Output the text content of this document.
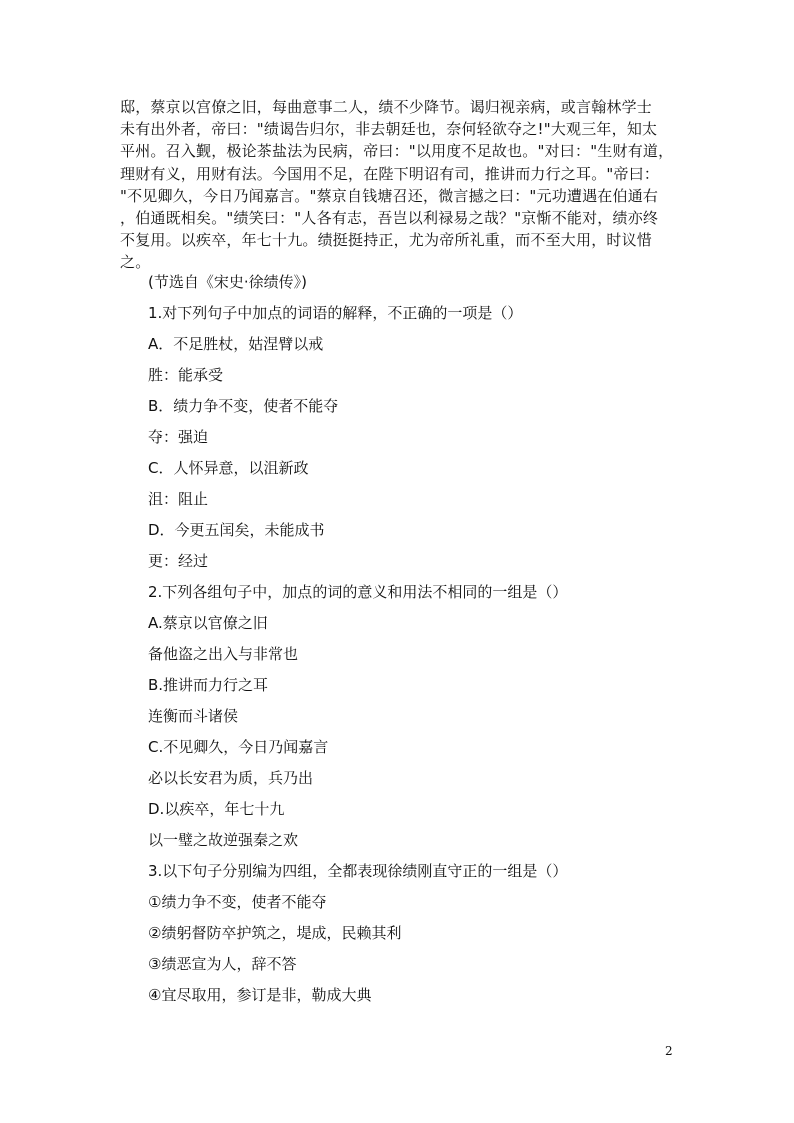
邸，蔡京以宫僚之旧，每曲意事二人，绩不少降节。谒归视亲病，或言翰林学士
未有出外者，帝曰："绩谒告归尔，非去朝廷也，奈何轻欲夺之!"大观三年，知太
平州。召入觐，极论茶盐法为民病，帝曰："以用度不足故也。"对曰："生财有道，
理财有义，用财有法。今国用不足，在陛下明诏有司，推讲而力行之耳。"帝曰：
"不见卿久，今日乃闻嘉言。"蔡京自钱塘召还，微言撼之曰："元功遭遇在伯通右
，伯通既相矣。"绩笑曰："人各有志，吾岂以利禄易之哉？"京惭不能对，绩亦终
不复用。以疾卒，年七十九。绩挺挺持正，尤为帝所礼重，而不至大用，时议惜
之。
(节选自《宋史·徐绩传》)
1.对下列句子中加点的词语的解释，不正确的一项是（）
A．不足胜杖，姑涅臂以戒
胜：能承受
B．绩力争不变，使者不能夺
夺：强迫
C．人怀异意，以沮新政
沮：阻止
D．今更五闰矣，未能成书
更：经过
2.下列各组句子中，加点的词的意义和用法不相同的一组是（）
A.蔡京以官僚之旧
备他盗之出入与非常也
B.推讲而力行之耳
连衡而斗诸侯
C.不见卿久，今日乃闻嘉言
必以长安君为质，兵乃出
D.以疾卒，年七十九
以一璧之故逆强秦之欢
3.以下句子分别编为四组，全都表现徐绩刚直守正的一组是（）
①绩力争不变，使者不能夺
②绩躬督防卒护筑之，堤成，民赖其利
③绩恶宣为人，辞不答
④宜尽取用，参订是非，勒成大典
2
